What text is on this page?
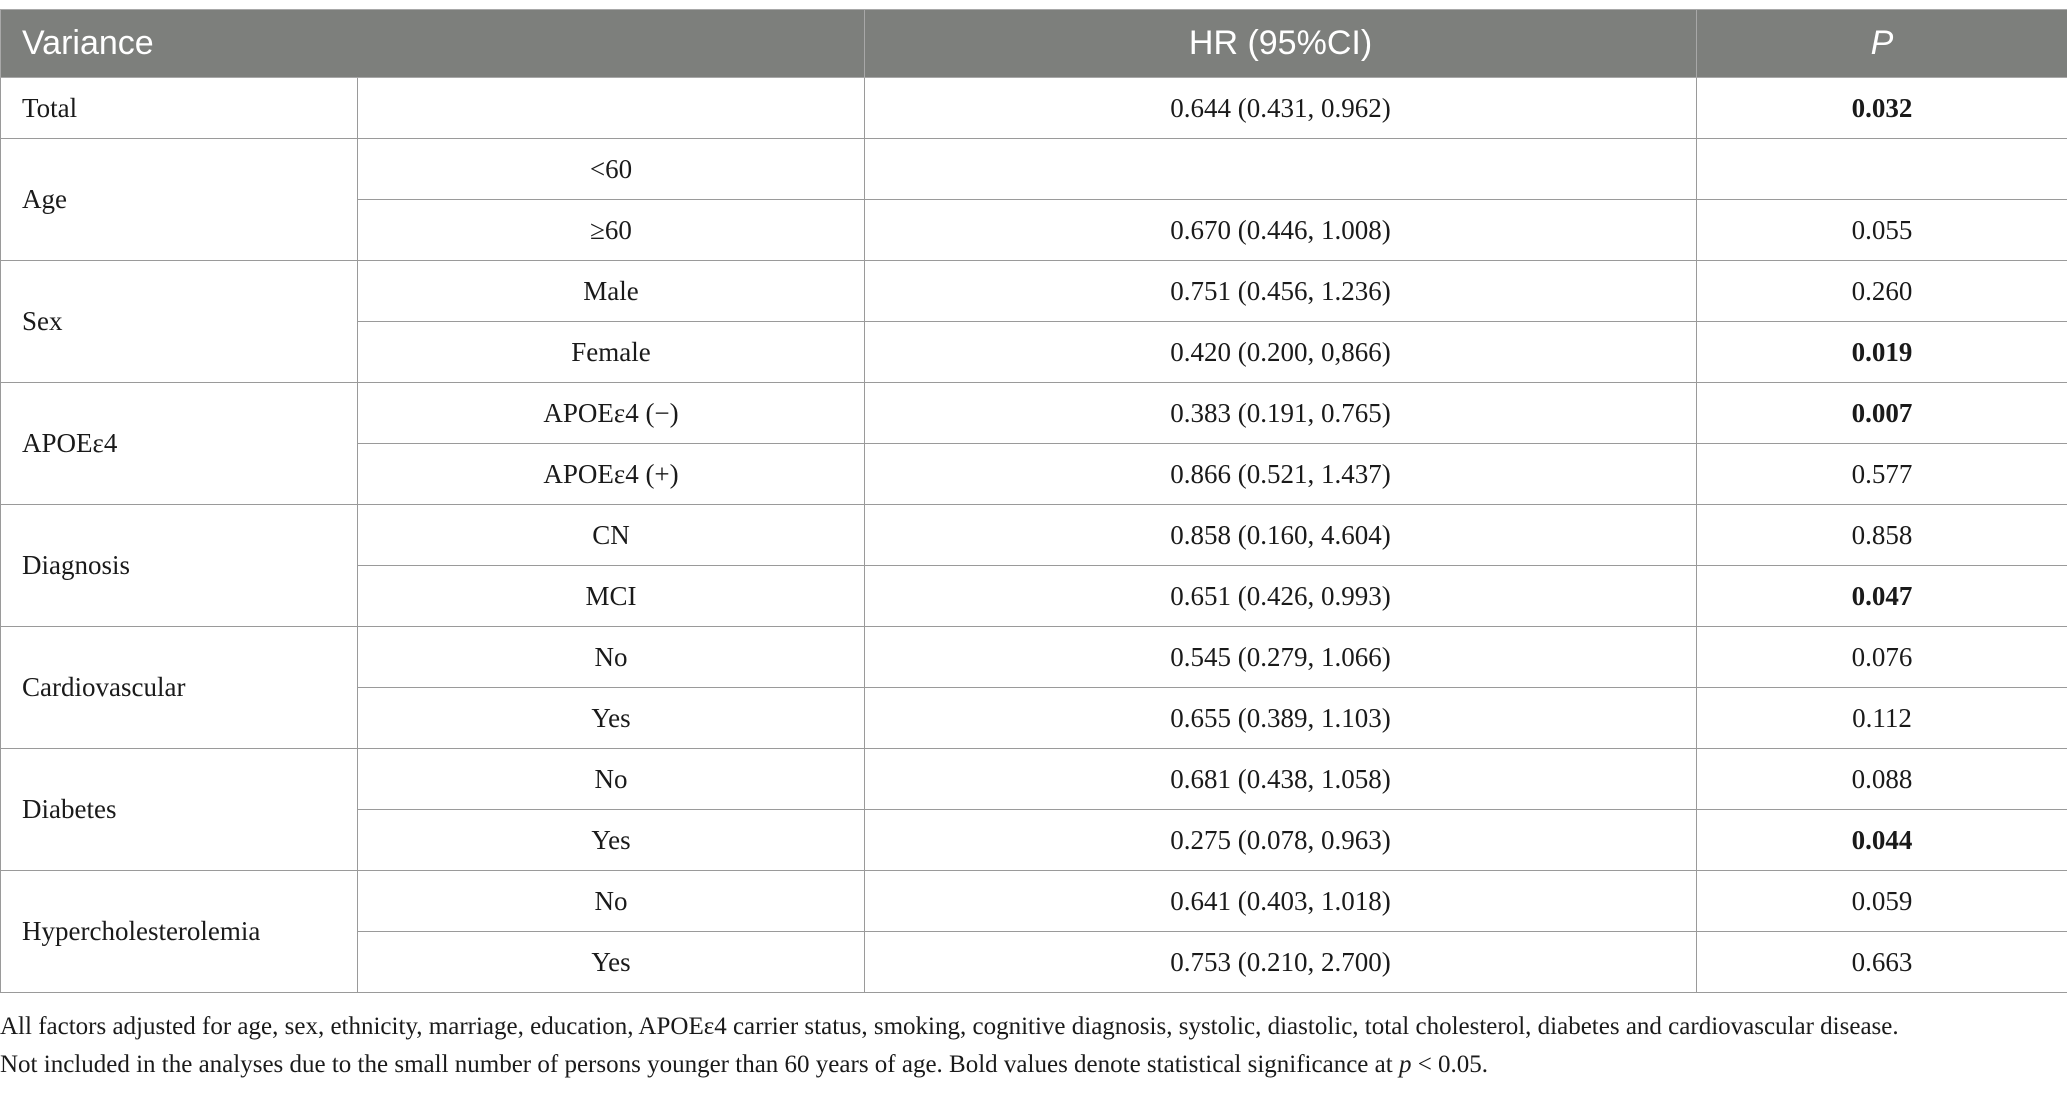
Variance		HR (95%CI)	P
Total		0.644 (0.431, 0.962)	0.032
Age	<60		
	≥60	0.670 (0.446, 1.008)	0.055
Sex	Male	0.751 (0.456, 1.236)	0.260
	Female	0.420 (0.200, 0,866)	0.019
APOEε4	APOEε4 (−)	0.383 (0.191, 0.765)	0.007
	APOEε4 (+)	0.866 (0.521, 1.437)	0.577
Diagnosis	CN	0.858 (0.160, 4.604)	0.858
	MCI	0.651 (0.426, 0.993)	0.047
Cardiovascular	No	0.545 (0.279, 1.066)	0.076
	Yes	0.655 (0.389, 1.103)	0.112
Diabetes	No	0.681 (0.438, 1.058)	0.088
	Yes	0.275 (0.078, 0.963)	0.044
Hypercholesterolemia	No	0.641 (0.403, 1.018)	0.059
	Yes	0.753 (0.210, 2.700)	0.663
All factors adjusted for age, sex, ethnicity, marriage, education, APOEε4 carrier status, smoking, cognitive diagnosis, systolic, diastolic, total cholesterol, diabetes and cardiovascular disease.
Not included in the analyses due to the small number of persons younger than 60 years of age. Bold values denote statistical significance at p < 0.05.
